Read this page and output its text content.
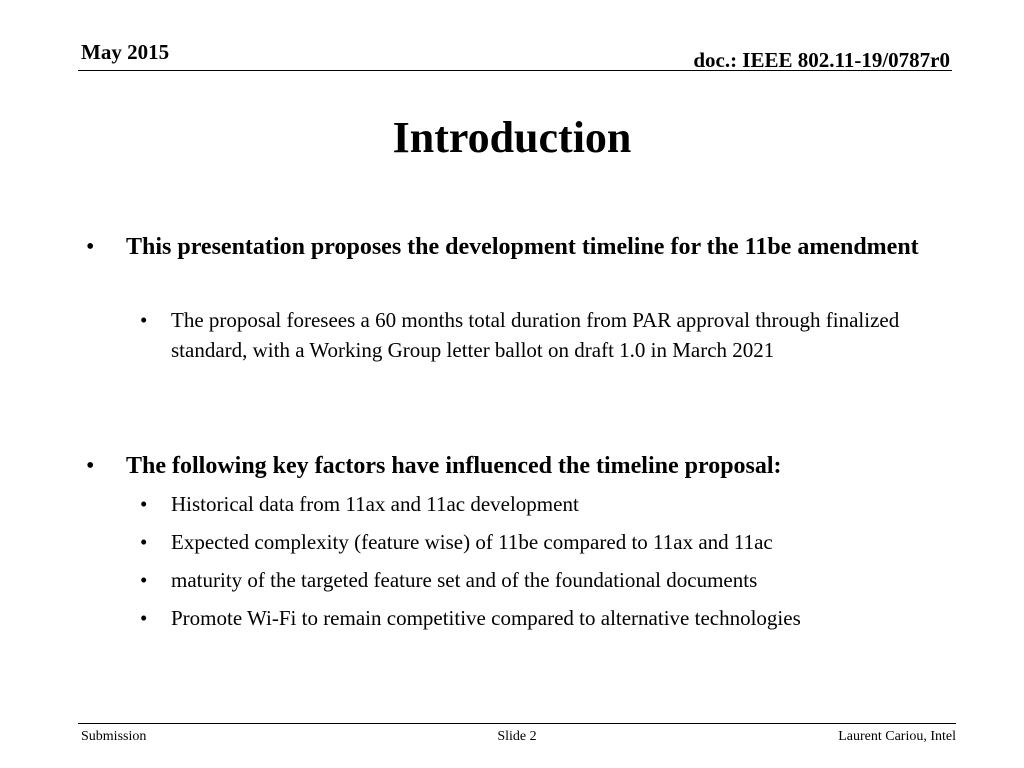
May 2015	doc.: IEEE 802.11-19/0787r0
Introduction
•	This presentation proposes the development timeline for the 11be amendment
•	The proposal foresees a 60 months total duration from PAR approval through finalized standard, with a Working Group letter ballot on draft 1.0 in March 2021
•	The following key factors have influenced the timeline proposal:
•	Historical data from 11ax and 11ac development
•	Expected complexity (feature wise) of 11be compared to 11ax and 11ac
•	maturity of the targeted feature set and of the foundational documents
•	Promote Wi-Fi to remain competitive compared to alternative technologies
Submission	Slide 2	Laurent Cariou, Intel
